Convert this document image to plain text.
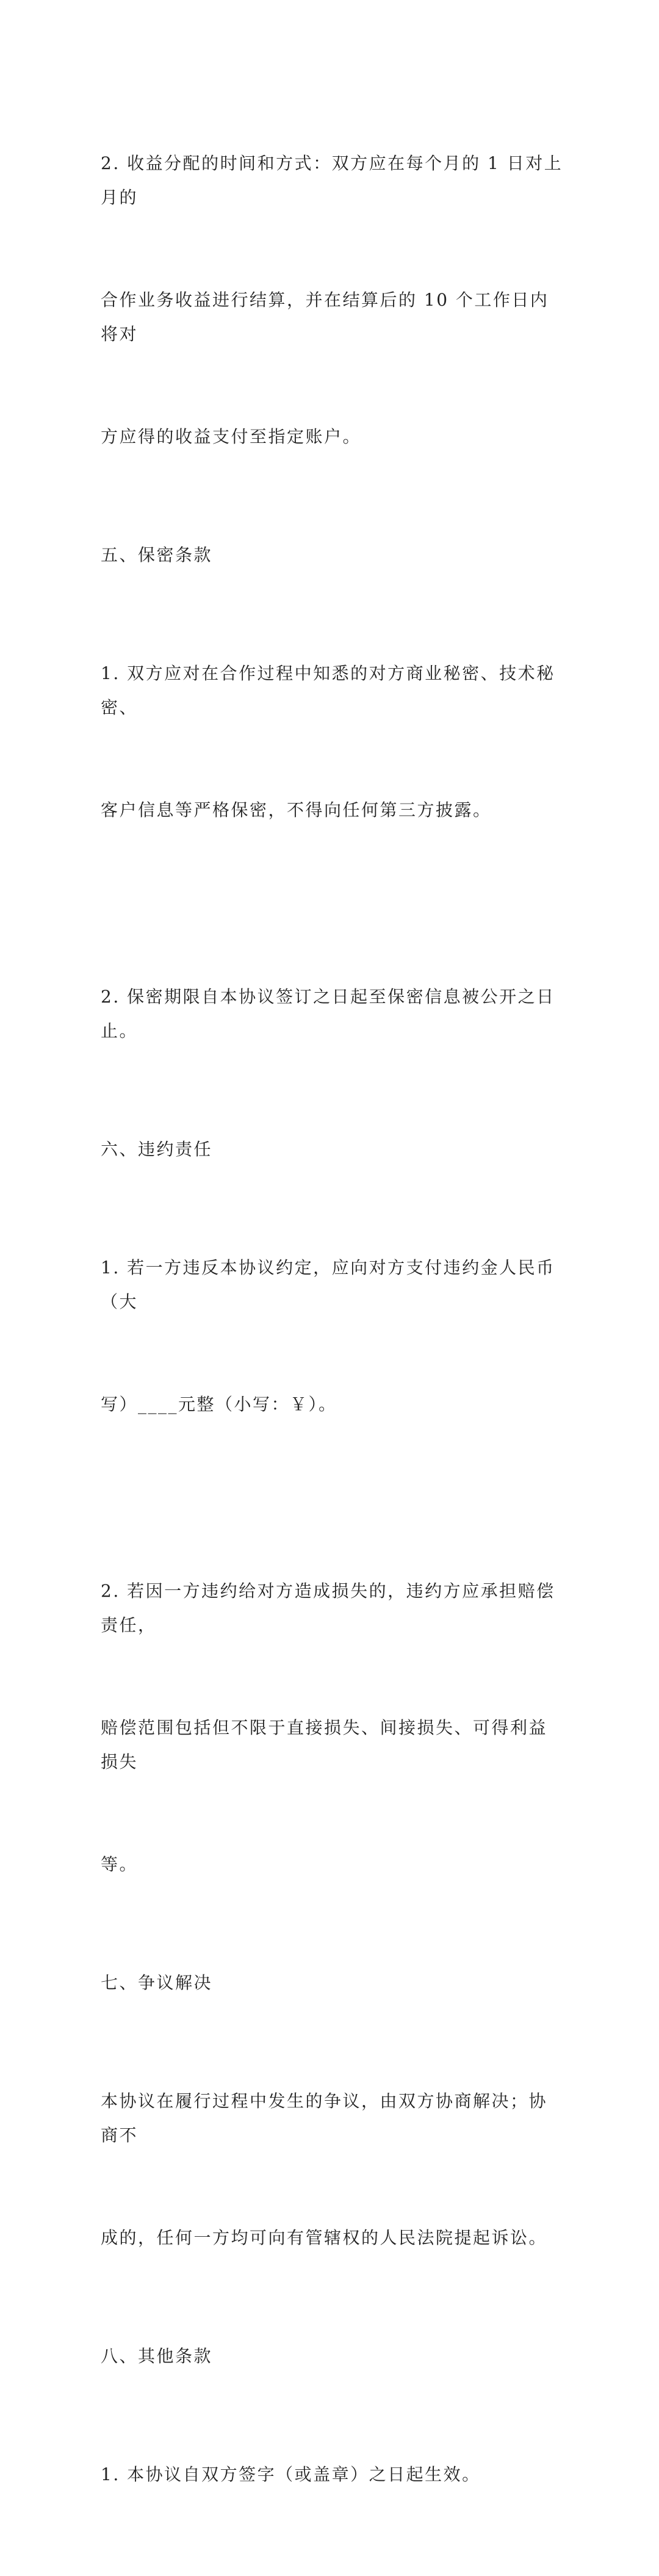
2. 收益分配的时间和方式：双方应在每个月的 1 日对上月的

合作业务收益进行结算，并在结算后的 10 个工作日内将对

方应得的收益支付至指定账户。

五、保密条款

1. 双方应对在合作过程中知悉的对方商业秘密、技术秘密、

客户信息等严格保密，不得向任何第三方披露。

2. 保密期限自本协议签订之日起至保密信息被公开之日止。

六、违约责任

1. 若一方违反本协议约定，应向对方支付违约金人民币（大

写）____元整（小写：￥）。

2. 若因一方违约给对方造成损失的，违约方应承担赔偿责任，

赔偿范围包括但不限于直接损失、间接损失、可得利益损失

等。

七、争议解决

本协议在履行过程中发生的争议，由双方协商解决；协商不

成的，任何一方均可向有管辖权的人民法院提起诉讼。

八、其他条款

1. 本协议自双方签字（或盖章）之日起生效。
